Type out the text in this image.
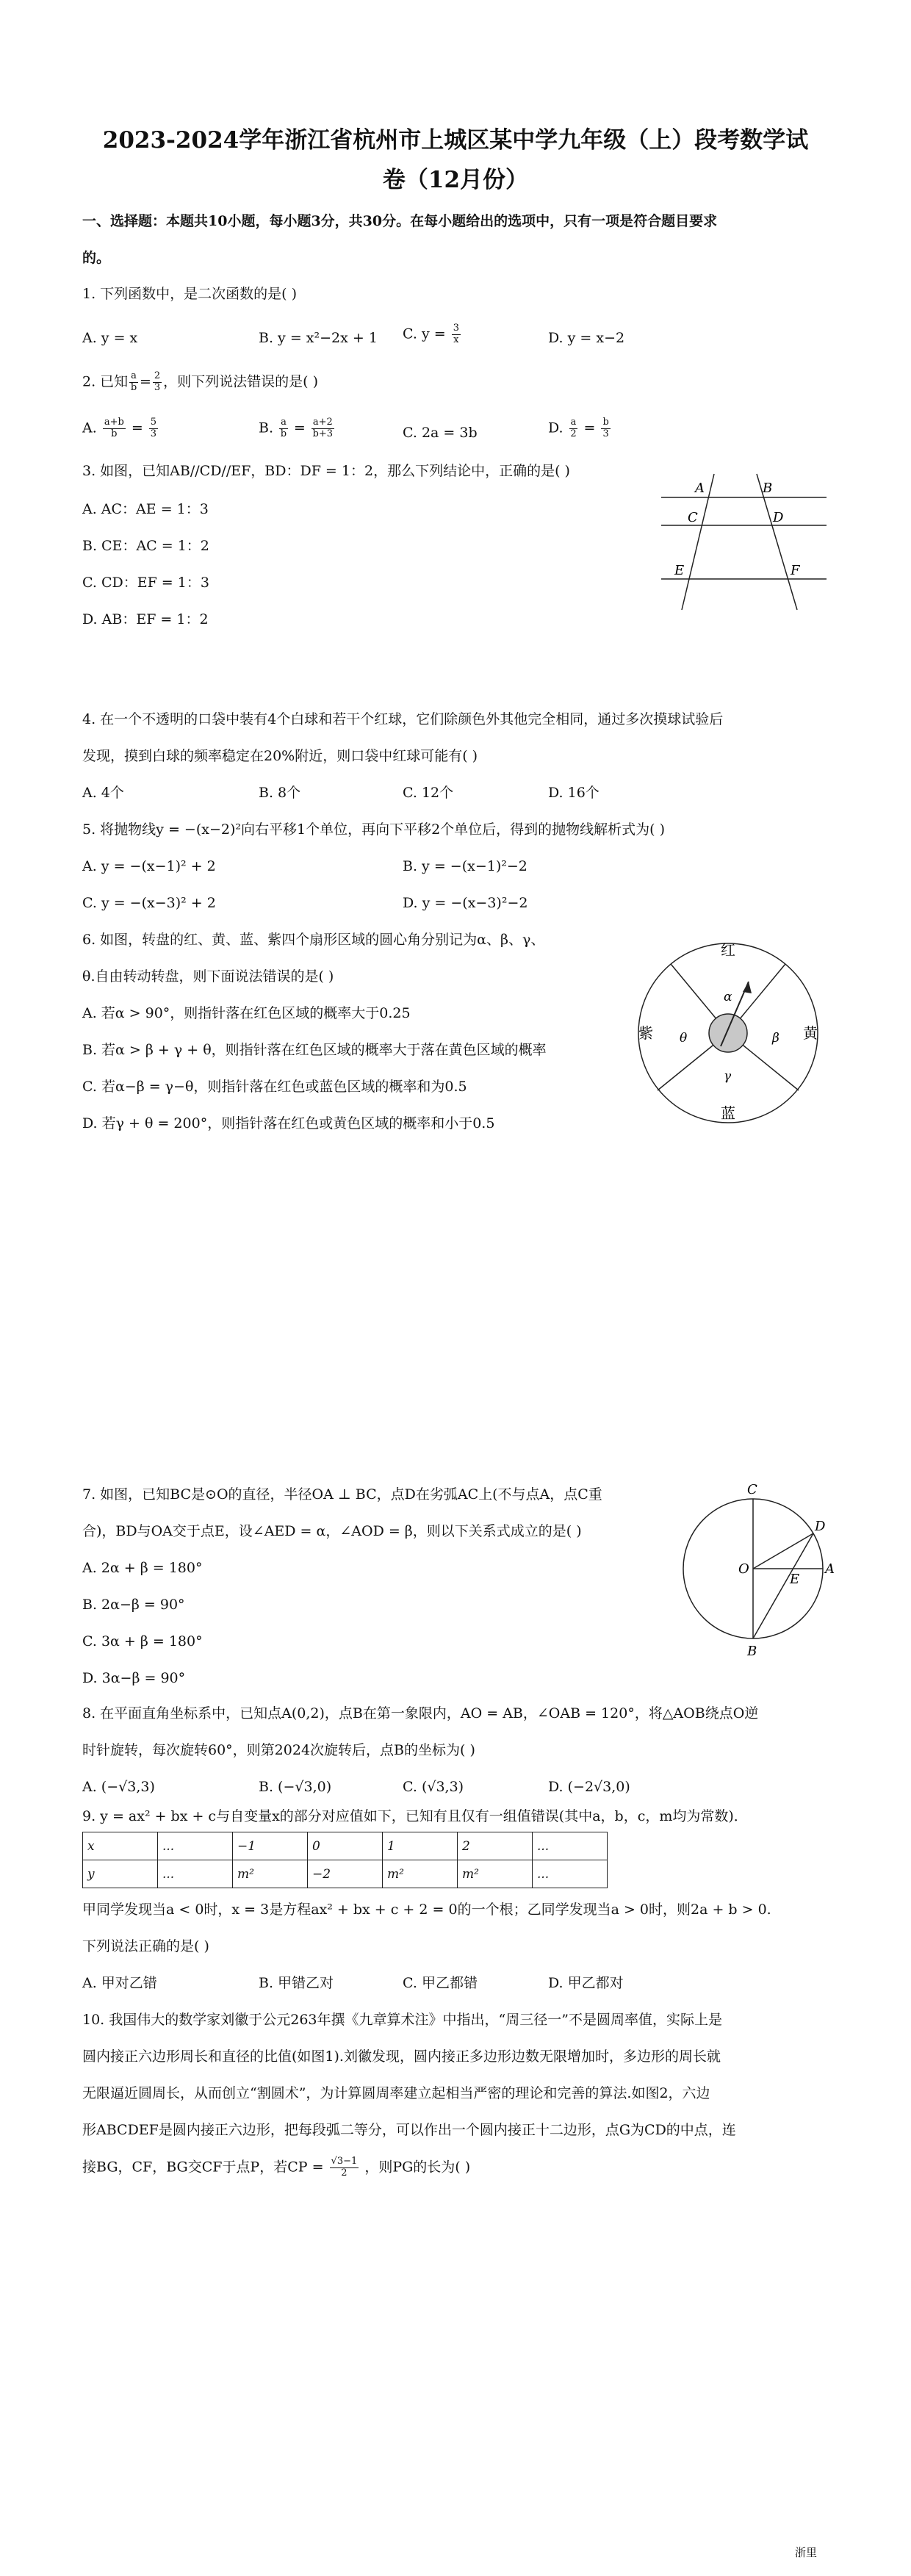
2023-2024学年浙江省杭州市上城区某中学九年级（上）段考数学试
卷（12月份）
一、选择题：本题共10小题，每小题3分，共30分。在每小题给出的选项中，只有一项是符合题目要求
的。
1. 下列函数中，是二次函数的是( )
A. y = x	B. y = x²−2x + 1 C. $y = \frac{3}{x}$	D. y = x−2
2. 已知 $\frac{a}{b} = \frac{2}{3}$ ，则下列说法错误的是( )
A. $\frac{a+b}{b} = \frac{5}{3}$	B. $\frac{a}{b} = \frac{a+2}{b+3}$	C. 2a = 3b	D. $\frac{a}{2} = \frac{b}{3}$
3. 如图，已知AB//CD//EF，BD：DF = 1：2，那么下列结论中，正确的是( )
A. AC：AE = 1：3
B. CE：AC = 1：2
C. CD：EF = 1：3
D. AB：EF = 1：2
A	B
C	D
E	F
4. 在一个不透明的口袋中装有4个白球和若干个红球，它们除颜色外其他完全相同，通过多次摸球试验后
发现，摸到白球的频率稳定在20%附近，则口袋中红球可能有( )
A. 4个	B. 8个	C. 12个	D. 16个
5. 将抛物线y = −(x−2)²向右平移1个单位，再向下平移2个单位后，得到的抛物线解析式为( )
A. y = −(x−1)² + 2	B. y = −(x−1)²−2
C. y = −(x−3)² + 2	D. y = −(x−3)²−2
6. 如图，转盘的红、黄、蓝、紫四个扇形区域的圆心角分别记为α、β、γ、
θ.自由转动转盘，则下面说法错误的是( )
A. 若α > 90°，则指针落在红色区域的概率大于0.25
B. 若α > β + γ + θ，则指针落在红色区域的概率大于落在黄色区域的概率
C. 若α−β = γ−θ，则指针落在红色或蓝色区域的概率和为0.5
D. 若γ + θ = 200°，则指针落在红色或黄色区域的概率和小于0.5
红
黄
蓝
紫
α
β
γ
θ
7. 如图，已知BC是⊙O的直径，半径OA ⊥ BC，点D在劣弧AC上(不与点A，点C重
合)，BD与OA交于点E，设∠AED = α，∠AOD = β，则以下关系式成立的是( )
A. 2α + β = 180°
B. 2α−β = 90°
C. 3α + β = 180°
D. 3α−β = 90°
C
B
A
D
O
E
8. 在平面直角坐标系中，已知点A(0,2)，点B在第一象限内，AO = AB，∠OAB = 120°，将△AOB绕点O逆
时针旋转，每次旋转60°，则第2024次旋转后，点B的坐标为( )
A. (−√3,3)	B. (−√3,0)	C. (√3,3)	D. (−2√3,0)
9. y = ax² + bx + c与自变量x的部分对应值如下，已知有且仅有一组值错误(其中a，b，c，m均为常数)．
x	...	−1	0	1	2	...
y	...	m²	−2	m²	m²	...
甲同学发现当a < 0时，x = 3是方程ax² + bx + c + 2 = 0的一个根；乙同学发现当a > 0时，则2a + b > 0.
下列说法正确的是( )
A. 甲对乙错	B. 甲错乙对	C. 甲乙都错	D. 甲乙都对
10. 我国伟大的数学家刘徽于公元263年撰《九章算术注》中指出，“周三径一”不是圆周率值，实际上是
圆内接正六边形周长和直径的比值(如图1).刘徽发现，圆内接正多边形边数无限增加时，多边形的周长就
无限逼近圆周长，从而创立“割圆术”，为计算圆周率建立起相当严密的理论和完善的算法.如图2，六边
形ABCDEF是圆内接正六边形，把每段弧二等分，可以作出一个圆内接正十二边形，点G为CD的中点，连
接BG，CF，BG交CF于点P，若CP = $\frac{√3-1}{2}$ ，则PG的长为( )
浙里
